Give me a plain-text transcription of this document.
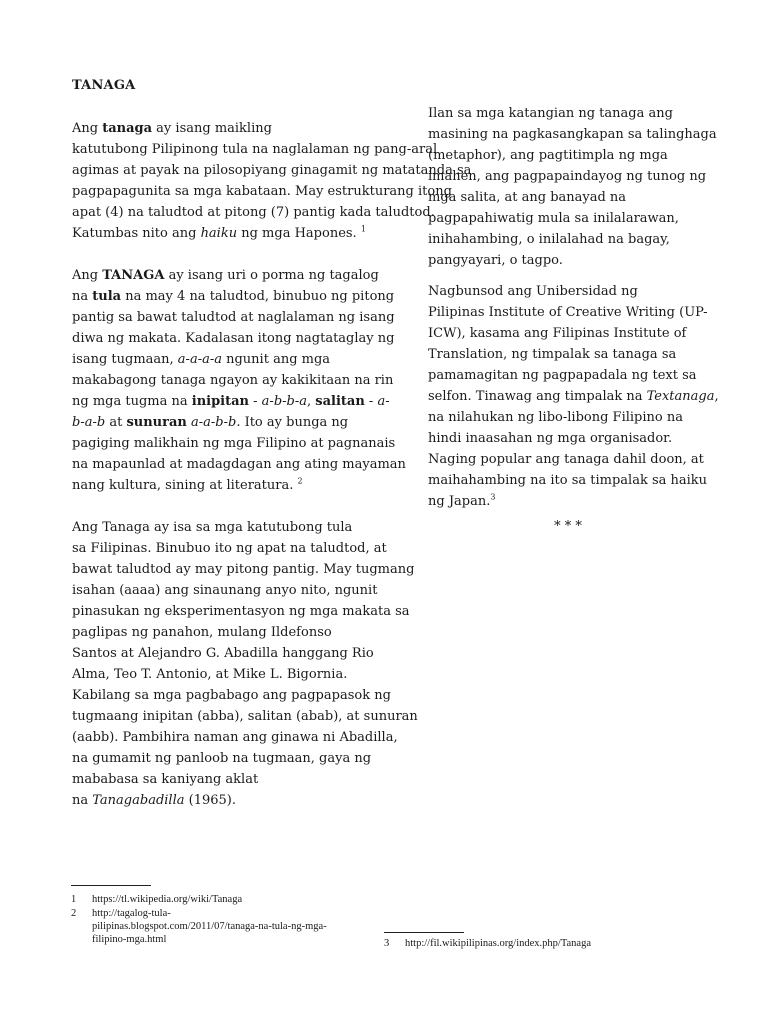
TANAGA

Ang tanaga ay isang maikling
katutubong Pilipinong tula na naglalaman ng pang-aral
agimas at payak na pilosopiyang ginagamit ng matatanda sa
pagpapagunita sa mga kabataan. May estrukturang itong
apat (4) na taludtod at pitong (7) pantig kada taludtod.
Katumbas nito ang haiku ng mga Hapones. $^1$

Ang TANAGA ay isang uri o porma ng tagalog
na tula na may 4 na taludtod, binubuo ng pitong
pantig sa bawat taludtod at naglalaman ng isang
diwa ng makata. Kadalasan itong nagtataglay ng
isang tugmaan, a-a-a-a ngunit ang mga
makabagong tanaga ngayon ay kakikitaan na rin
ng mga tugma na inipitan - a-b-b-a, salitan - a-
b-a-b at sunuran a-a-b-b. Ito ay bunga ng
pagiging malikhain ng mga Filipino at pagnanais
na mapaunlad at madagdagan ang ating mayaman
nang kultura, sining at literatura. $^2$

Ang Tanaga ay isa sa mga katutubong tula
sa Filipinas. Binubuo ito ng apat na taludtod, at
bawat taludtod ay may pitong pantig. May tugmang
isahan (aaaa) ang sinaunang anyo nito, ngunit
pinasukan ng eksperimentasyon ng mga makata sa
paglipas ng panahon, mulang Ildefonso
Santos at Alejandro G. Abadilla hanggang Rio
Alma, Teo T. Antonio, at Mike L. Bigornia.
Kabilang sa mga pagbabago ang pagpapasok ng
tugmaang inipitan (abba), salitan (abab), at sunuran
(aabb). Pambihira naman ang ginawa ni Abadilla,
na gumamit ng panloob na tugmaan, gaya ng
mababasa sa kaniyang aklat
na Tanagabadilla (1965).

Ilan sa mga katangian ng tanaga ang
masining na pagkasangkapan sa talinghaga
(metaphor), ang pagtitimpla ng mga
imahen, ang pagpapaindayog ng tunog ng
mga salita, at ang banayad na
pagpapahiwatig mula sa inilalarawan,
inihahambing, o inilalahad na bagay,
pangyayari, o tagpo.

Nagbunsod ang Unibersidad ng
Pilipinas Institute of Creative Writing (UP-
ICW), kasama ang Filipinas Institute of
Translation, ng timpalak sa tanaga sa
pamamagitan ng pagpapadala ng text sa
selfon. Tinawag ang timpalak na Textanaga,
na nilahukan ng libo-libong Filipino na
hindi inaasahan ng mga organisador.
Naging popular ang tanaga dahil doon, at
maihahambing na ito sa timpalak sa haiku
ng Japan.$^3$

* * *
1 https://tl.wikipedia.org/wiki/Tanaga
2 http://tagalog-tula-
pilipinas.blogspot.com/2011/07/tanaga-na-tula-ng-mga-
filipino-mga.html	3 http://fil.wikipilipinas.org/index.php/Tanaga
